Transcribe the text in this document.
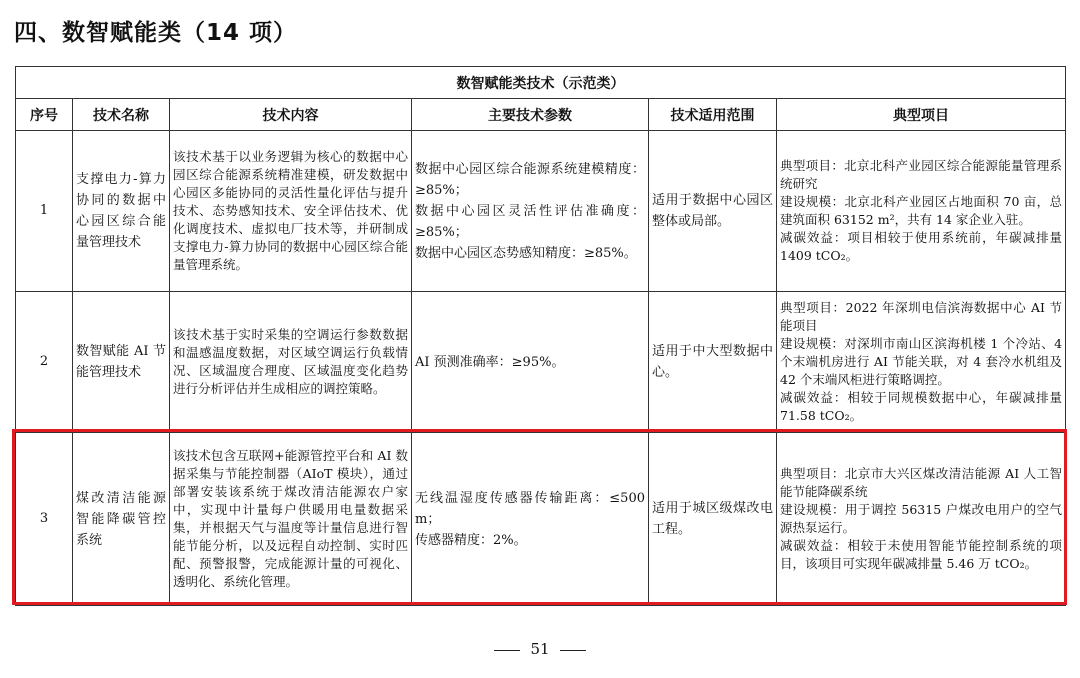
四、数智赋能类（14 项）
数智赋能类技术（示范类）					
序号	技术名称	技术内容	主要技术参数	技术适用范围	典型项目
1	支撑电力-算力协同的数据中心园区综合能量管理技术	该技术基于以业务逻辑为核心的数据中心园区综合能源系统精准建模，研发数据中心园区多能协同的灵活性量化评估与提升技术、态势感知技术、安全评估技术、优化调度技术、虚拟电厂技术等，并研制成支撑电力-算力协同的数据中心园区综合能量管理系统。	数据中心园区综合能源系统建模精度：≥85%；
数据中心园区灵活性评估准确度：≥85%；
数据中心园区态势感知精度：≥85%。	适用于数据中心园区整体或局部。	典型项目：北京北科产业园区综合能源能量管理系统研究
建设规模：北京北科产业园区占地面积 70 亩，总建筑面积 63152 m²，共有 14 家企业入驻。
减碳效益：项目相较于使用系统前，年碳减排量 1409 tCO₂。

2	数智赋能 AI 节能管理技术	该技术基于实时采集的空调运行参数数据和温感温度数据，对区域空调运行负载情况、区域温度合理度、区域温度变化趋势进行分析评估并生成相应的调控策略。	AI 预测准确率：≥95%。	适用于中大型数据中心。	典型项目：2022 年深圳电信滨海数据中心 AI 节能项目
建设规模：对深圳市南山区滨海机楼 1 个冷站、4 个末端机房进行 AI 节能关联，对 4 套冷水机组及 42 个末端风柜进行策略调控。
减碳效益：相较于同规模数据中心，年碳减排量 71.58 tCO₂。

3	煤改清洁能源智能降碳管控系统	该技术包含互联网+能源管控平台和 AI 数据采集与节能控制器（AIoT 模块），通过部署安装该系统于煤改清洁能源农户家中，实现中计量每户供暖用电量数据采集，并根据天气与温度等计量信息进行智能节能分析，以及远程自动控制、实时匹配、预警报警，完成能源计量的可视化、透明化、系统化管理。	无线温湿度传感器传输距离：≤500 m；
传感器精度：2%。	适用于城区级煤改电工程。	典型项目：北京市大兴区煤改清洁能源 AI 人工智能节能降碳系统
建设规模：用于调控 56315 户煤改电用户的空气源热泵运行。
减碳效益：相较于未使用智能节能控制系统的项目，该项目可实现年碳减排量 5.46 万 tCO₂。
51
